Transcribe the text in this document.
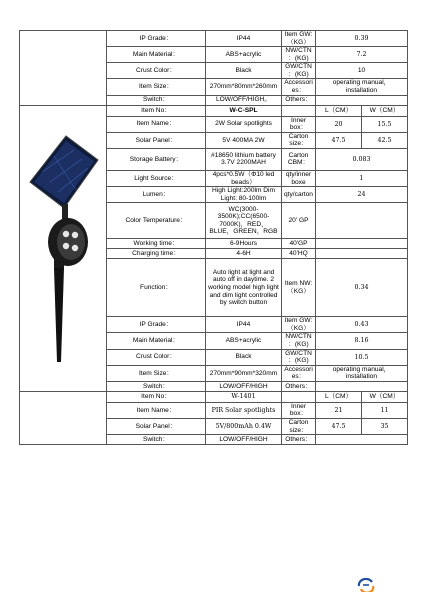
	IP Grade：	IP44	Item GW:（KG）	0.39	
	Main Material：	ABS+acrylic	NW/CTN：(KG)	7.2	
	Crust Color：	Black	GW/CTN：(KG)	10	
	Item Size：	270mm*80mm*260mm	Accessories：	operating manual，installation	
	Switch：	LOW/OFF/HIGH。	Others：		
	Item No：	W-C-SPL		L（CM）	W（CM）
	Item Name：	2W Solar spotlights	Inner box：	20	15.5
	Solar Panel：	5V 400MA 2W	Carton size：	47.5	42.5
	Storage Battery：	#18650 lithium battery 3.7V 2200MAH	Carton CBM：	0.083	
	Light Source：	4pcs*0.5W（Φ10 led beads）	qty/inner boxe	1	
	Lumen：	High Light:200lm Dim Light: 80-100lm	qty/carton	24	
	Color Temperature：	WC(3000-3500K);CC(6500-7000K)，RED，BLUE，GREEN，RGB	20' GP		
	Working time：	6-9Hours	40'GP		
	Charging time：	4-6H	40'HQ		
	Function：	Auto light at light and auto off in daytime. 2 working model high light and dim light controlled by switch button	Item NW:（KG）	0.34	
	IP Grade：	IP44	Item GW:（KG）	0.43	
	Main Material：	ABS+acrylic	NW/CTN：(KG)	8.16	
	Crust Color：	Black	GW/CTN：(KG)	10.5	
	Item Size：	270mm*90mm*320mm	Accessories：	operating manual，installation	
	Switch：	LOW/OFF/HIGH	Others：		
	Item No：	W-1401		L（CM）	W（CM）
	Item Name：	PIR Solar spotlights	Inner box：	21	11
	Solar Panel：	5V/800mAh 0.4W	Carton size：	47.5	35
	Switch：	LOW/OFF/HIGH	Others：		
